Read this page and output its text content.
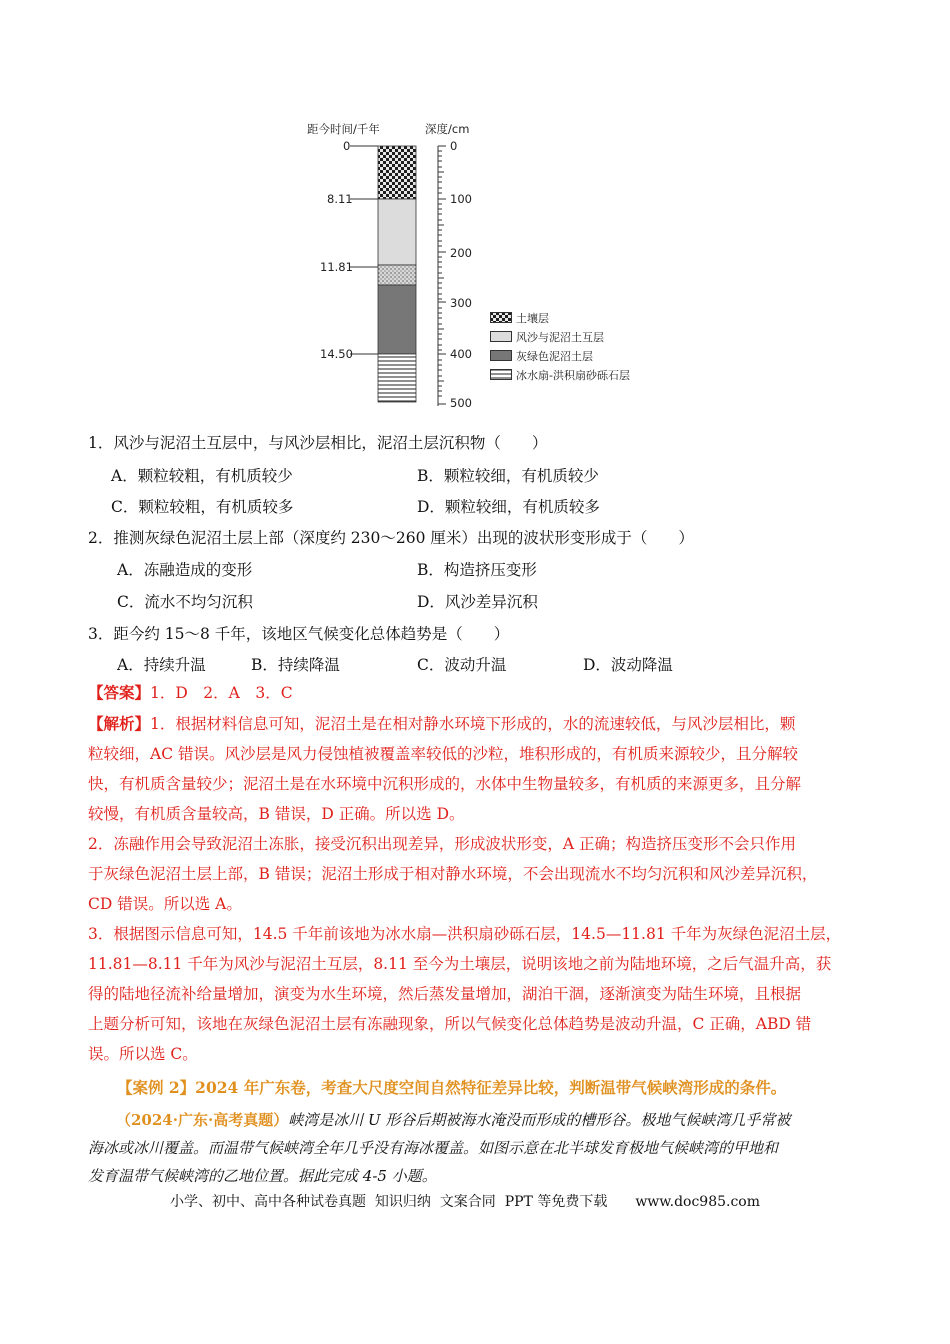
距今时间/千年	深度/cm
0
8.11
11.81
14.50
0
100
200
300
400
500
土壤层
风沙与泥沼土互层
灰绿色泥沼土层
冰水扇-洪积扇砂砾石层
1．风沙与泥沼土互层中，与风沙层相比，泥沼土层沉积物（　　）
A．颗粒较粗，有机质较少	B．颗粒较细，有机质较少
C．颗粒较粗，有机质较多	D．颗粒较细，有机质较多
2．推测灰绿色泥沼土层上部（深度约 230～260 厘米）出现的波状形变形成于（　　）
A．冻融造成的变形	B．构造挤压变形
C．流水不均匀沉积	D．风沙差异沉积
3．距今约 15～8 千年，该地区气候变化总体趋势是（　　）
A．持续升温	B．持续降温	C．波动升温	D．波动降温
【答案】1．D　2．A　3．C
【解析】1．根据材料信息可知，泥沼土是在相对静水环境下形成的，水的流速较低，与风沙层相比，颗
粒较细，AC 错误。风沙层是风力侵蚀植被覆盖率较低的沙粒，堆积形成的，有机质来源较少，且分解较
快，有机质含量较少；泥沼土是在水环境中沉积形成的，水体中生物量较多，有机质的来源更多，且分解
较慢，有机质含量较高，B 错误，D 正确。所以选 D。
2．冻融作用会导致泥沼土冻胀，接受沉积出现差异，形成波状形变，A 正确；构造挤压变形不会只作用
于灰绿色泥沼土层上部，B 错误；泥沼土形成于相对静水环境，不会出现流水不均匀沉积和风沙差异沉积，
CD 错误。所以选 A。
3．根据图示信息可知，14.5 千年前该地为冰水扇—洪积扇砂砾石层，14.5—11.81 千年为灰绿色泥沼土层，
11.81—8.11 千年为风沙与泥沼土互层，8.11 至今为土壤层，说明该地之前为陆地环境，之后气温升高，获
得的陆地径流补给量增加，演变为水生环境，然后蒸发量增加，湖泊干涸，逐渐演变为陆生环境，且根据
上题分析可知，该地在灰绿色泥沼土层有冻融现象，所以气候变化总体趋势是波动升温，C 正确，ABD 错
误。所以选 C。
【案例 2】2024 年广东卷，考查大尺度空间自然特征差异比较，判断温带气候峡湾形成的条件。
（2024·广东·高考真题）峡湾是冰川 U 形谷后期被海水淹没而形成的槽形谷。极地气候峡湾几乎常被
海冰或冰川覆盖。而温带气候峡湾全年几乎没有海冰覆盖。如图示意在北半球发育极地气候峡湾的甲地和
发育温带气候峡湾的乙地位置。据此完成 4-5 小题。
小学、初中、高中各种试卷真题  知识归纳  文案合同  PPT 等免费下载　　www.doc985.com
